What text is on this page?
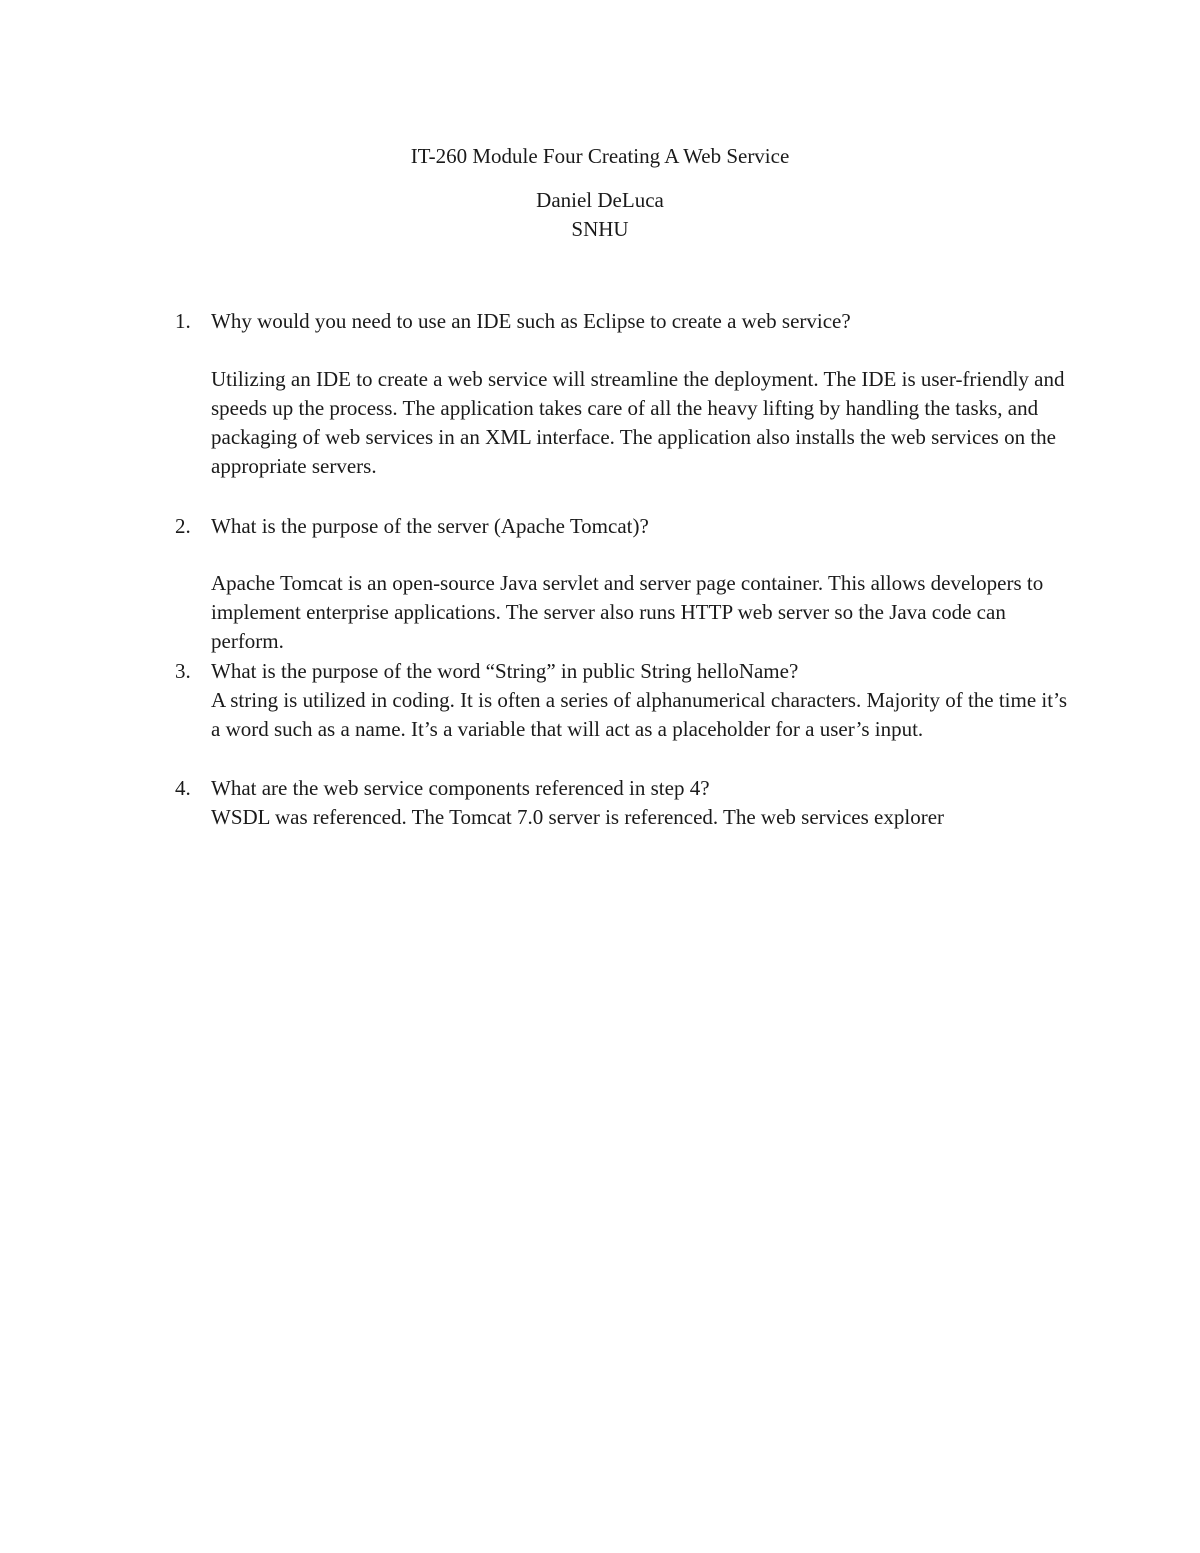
IT-260 Module Four Creating A Web Service
Daniel DeLuca
SNHU
1. Why would you need to use an IDE such as Eclipse to create a web service?

Utilizing an IDE to create a web service will streamline the deployment. The IDE is user-friendly and speeds up the process. The application takes care of all the heavy lifting by handling the tasks, and packaging of web services in an XML interface. The application also installs the web services on the appropriate servers.

2. What is the purpose of the server (Apache Tomcat)?

Apache Tomcat is an open-source Java servlet and server page container. This allows developers to implement enterprise applications. The server also runs HTTP web server so the Java code can perform.

3. What is the purpose of the word “String” in public String helloName?

A string is utilized in coding. It is often a series of alphanumerical characters. Majority of the time it’s a word such as a name. It’s a variable that will act as a placeholder for a user’s input.

4. What are the web service components referenced in step 4?

WSDL was referenced. The Tomcat 7.0 server is referenced. The web services explorer
